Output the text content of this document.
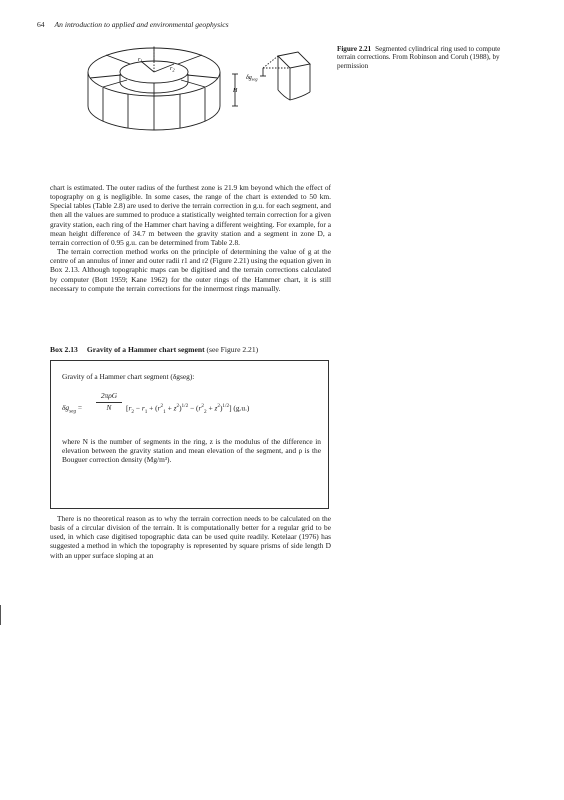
64 An introduction to applied and environmental geophysics
$r_1$
$r_2$
H
$\delta g_{seg}$
Figure 2.21 Segmented cylindrical ring used to compute terrain corrections. From Robinson and Coruh (1988), by permission

chart is estimated. The outer radius of the furthest zone is 21.9 km beyond which the effect of topography on g is negligible. In some cases, the range of the chart is extended to 50 km. Special tables (Table 2.8) are used to derive the terrain correction in g.u. for each segment, and then all the values are summed to produce a statistically weighted terrain correction for a given gravity station, each ring of the Hammer chart having a different weighting. For example, for a mean height difference of 34.7 m between the gravity station and a segment in zone D, a terrain correction of 0.95 g.u. can be determined from Table 2.8.

The terrain correction method works on the principle of determining the value of g at the centre of an annulus of inner and outer radii r1 and r2 (Figure 2.21) using the equation given in Box 2.13. Although topographic maps can be digitised and the terrain corrections calculated by computer (Bott 1959; Kane 1962) for the outer rings of the Hammer chart, it is still necessary to compute the terrain corrections for the innermost rings manually.

Box 2.13 Gravity of a Hammer chart segment (see Figure 2.21)
Gravity of a Hammer chart segment (δgseg):
$\delta g_{seg}$ =
2πρG
N	$[r_2 - r_1 + (r^2_1 + z^2)^{1/2} - (r^2_2 + z^2)^{1/2}]$ (g.u.)
where N is the number of segments in the ring, z is the modulus of the difference in elevation between the gravity station and mean elevation of the segment, and ρ is the Bouguer correction density (Mg/m³).

There is no theoretical reason as to why the terrain correction needs to be calculated on the basis of a circular division of the terrain. It is computationally better for a regular grid to be used, in which case digitised topographic data can be used quite readily. Ketelaar (1976) has suggested a method in which the topography is represented by square prisms of side length D with an upper surface sloping at an
